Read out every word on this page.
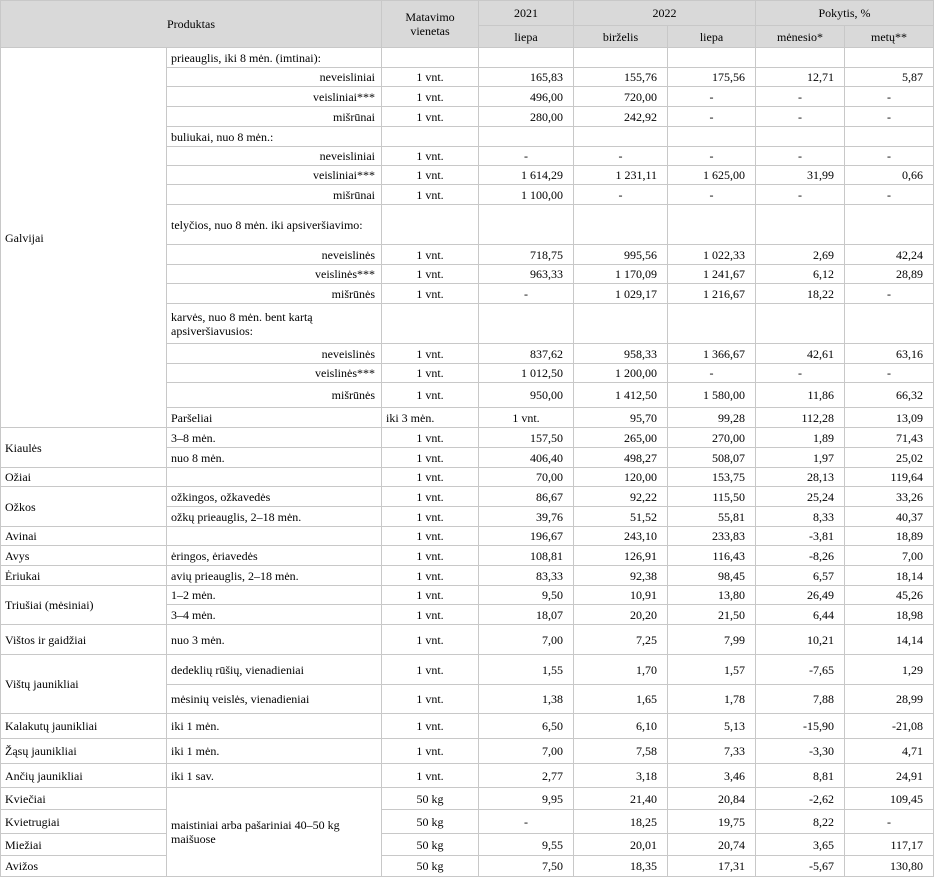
Produktas		Matavimo vienetas	2021	2022		Pokytis, %		
			liepa	birželis	liepa	mėnesio*	metų**	
Galvijai	prieauglis, iki 8 mėn. (imtinai):							
	neveisliniai	1 vnt.	165,83	155,76	175,56	12,71	5,87	
	veisliniai***	1 vnt.	496,00	720,00	-	-	-	
	mišrūnai	1 vnt.	280,00	242,92	-	-	-	
	buliukai, nuo 8 mėn.:							
	neveisliniai	1 vnt.	-	-	-	-	-	
	veisliniai***	1 vnt.	1 614,29	1 231,11	1 625,00	31,99	0,66	
	mišrūnai	1 vnt.	1 100,00	-	-	-	-	
	telyčios, nuo 8 mėn. iki apsiveršiavimo:							
	neveislinės	1 vnt.	718,75	995,56	1 022,33	2,69	42,24	
	veislinės***	1 vnt.	963,33	1 170,09	1 241,67	6,12	28,89	
	mišrūnės	1 vnt.	-	1 029,17	1 216,67	18,22	-	
	karvės, nuo 8 mėn. bent kartą apsiveršiavusios:							
	neveislinės	1 vnt.	837,62	958,33	1 366,67	42,61	63,16	
	veislinės***	1 vnt.	1 012,50	1 200,00	-	-	-	
	mišrūnės	1 vnt.	950,00	1 412,50	1 580,00	11,86	66,32	
	Paršeliai	iki 3 mėn.	1 vnt.	95,70	99,28	112,28	13,09	
Kiaulės	3–8 mėn.	1 vnt.	157,50	265,00	270,00	1,89	71,43	
	nuo 8 mėn.	1 vnt.	406,40	498,27	508,07	1,97	25,02	
Ožiai		1 vnt.	70,00	120,00	153,75	28,13	119,64	
Ožkos	ožkingos, ožkavedės	1 vnt.	86,67	92,22	115,50	25,24	33,26	
	ožkų prieauglis, 2–18 mėn.	1 vnt.	39,76	51,52	55,81	8,33	40,37	
Avinai		1 vnt.	196,67	243,10	233,83	-3,81	18,89	
Avys	ėringos, ėriavedės	1 vnt.	108,81	126,91	116,43	-8,26	7,00	
Ėriukai	avių prieauglis, 2–18 mėn.	1 vnt.	83,33	92,38	98,45	6,57	18,14	
Triušiai (mėsiniai)	1–2 mėn.	1 vnt.	9,50	10,91	13,80	26,49	45,26	
	3–4 mėn.	1 vnt.	18,07	20,20	21,50	6,44	18,98	
Vištos ir gaidžiai	nuo 3 mėn.	1 vnt.	7,00	7,25	7,99	10,21	14,14	
Vištų jaunikliai	dedeklių rūšių, vienadieniai	1 vnt.	1,55	1,70	1,57	-7,65	1,29	
	mėsinių veislės, vienadieniai	1 vnt.	1,38	1,65	1,78	7,88	28,99	
Kalakutų jaunikliai	iki 1 mėn.	1 vnt.	6,50	6,10	5,13	-15,90	-21,08	
Žąsų jaunikliai	iki 1 mėn.	1 vnt.	7,00	7,58	7,33	-3,30	4,71	
Ančių jaunikliai	iki 1 sav.	1 vnt.	2,77	3,18	3,46	8,81	24,91	
Kviečiai	maistiniai arba pašariniai 40–50 kg maišuose	50 kg	9,95	21,40	20,84	-2,62	109,45	
Kvietrugiai		50 kg	-	18,25	19,75	8,22	-	
Miežiai		50 kg	9,55	20,01	20,74	3,65	117,17	
Avižos		50 kg	7,50	18,35	17,31	-5,67	130,80	
